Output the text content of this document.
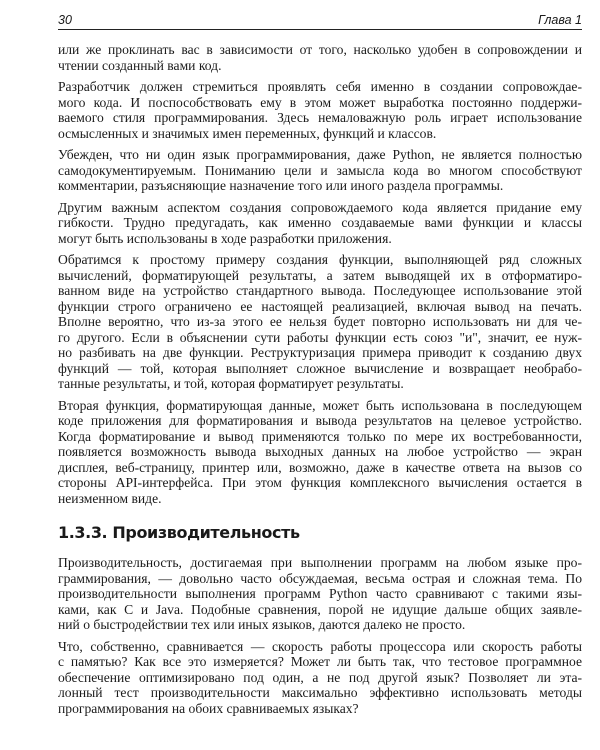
30	Глава 1
или же проклинать вас в зависимости от того, насколько удобен в сопровождении и
чтении созданный вами код.
Разработчик должен стремиться проявлять себя именно в создании сопровождае-
мого кода. И поспособствовать ему в этом может выработка постоянно поддержи-
ваемого стиля программирования. Здесь немаловажную роль играет использование
осмысленных и значимых имен переменных, функций и классов.
Убежден, что ни один язык программирования, даже Python, не является полностью
самодокументируемым. Пониманию цели и замысла кода во многом способствуют
комментарии, разъясняющие назначение того или иного раздела программы.
Другим важным аспектом создания сопровождаемого кода является придание ему
гибкости. Трудно предугадать, как именно создаваемые вами функции и классы
могут быть использованы в ходе разработки приложения.
Обратимся к простому примеру создания функции, выполняющей ряд сложных
вычислений, форматирующей результаты, а затем выводящей их в отформатиро-
ванном виде на устройство стандартного вывода. Последующее использование этой
функции строго ограничено ее настоящей реализацией, включая вывод на печать.
Вполне вероятно, что из-за этого ее нельзя будет повторно использовать ни для че-
го другого. Если в объяснении сути работы функции есть союз "и", значит, ее нуж-
но разбивать на две функции. Реструктуризация примера приводит к созданию двух
функций — той, которая выполняет сложное вычисление и возвращает необрабо-
танные результаты, и той, которая форматирует результаты.
Вторая функция, форматирующая данные, может быть использована в последующем
коде приложения для форматирования и вывода результатов на целевое устройство.
Когда форматирование и вывод применяются только по мере их востребованности,
появляется возможность вывода выходных данных на любое устройство — экран
дисплея, веб-страницу, принтер или, возможно, даже в качестве ответа на вызов со
стороны API-интерфейса. При этом функция комплексного вычисления остается в
неизменном виде.
1.3.3. Производительность
Производительность, достигаемая при выполнении программ на любом языке про-
граммирования, — довольно часто обсуждаемая, весьма острая и сложная тема. По
производительности выполнения программ Python часто сравнивают с такими язы-
ками, как C и Java. Подобные сравнения, порой не идущие дальше общих заявле-
ний о быстродействии тех или иных языков, даются далеко не просто.
Что, собственно, сравнивается — скорость работы процессора или скорость работы
с памятью? Как все это измеряется? Может ли быть так, что тестовое программное
обеспечение оптимизировано под один, а не под другой язык? Позволяет ли эта-
лонный тест производительности максимально эффективно использовать методы
программирования на обоих сравниваемых языках?
